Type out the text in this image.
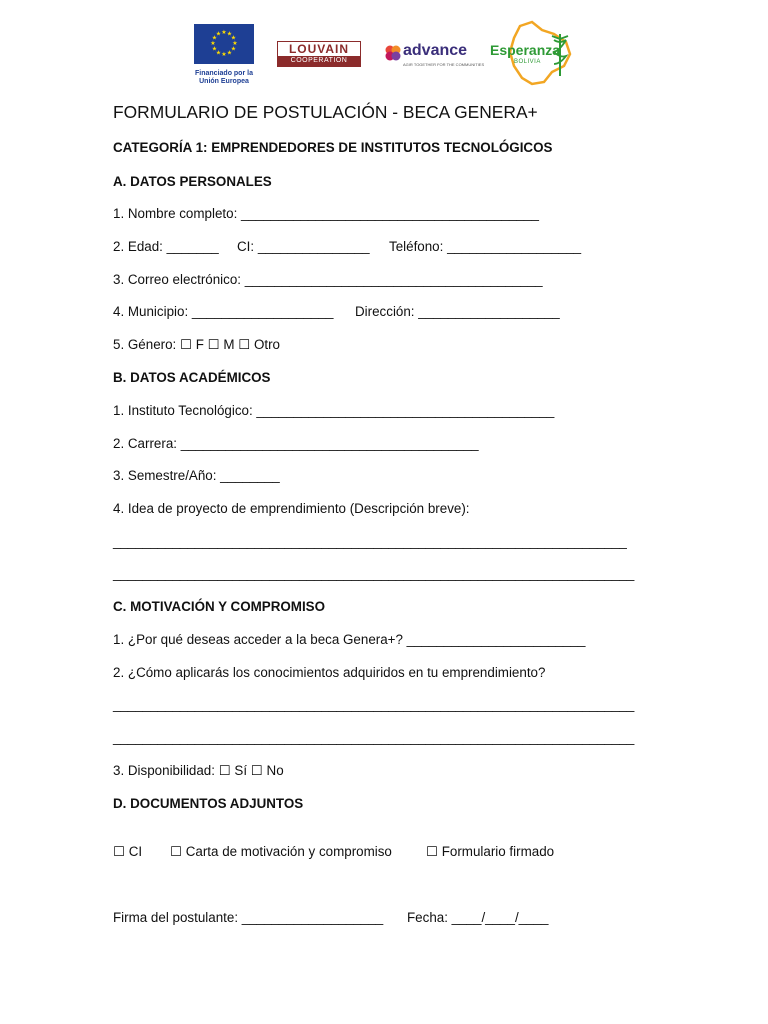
★ ★
★
★
★
★
★
★
★
★
★
★
Financiado por la Unión Europea
LOUVAIN
COOPERATION
advance
AGIR TOGETHER FOR THE COMMUNITIES
Esperanza
BOLIVIA
FORMULARIO DE POSTULACIÓN - BECA GENERA+
CATEGORÍA 1: EMPRENDEDORES DE INSTITUTOS TECNOLÓGICOS
A. DATOS PERSONALES
1. Nombre completo: ________________________________________
2. Edad: _______ CI: _______________ Teléfono: __________________
3. Correo electrónico: ________________________________________
4. Municipio: ___________________ Dirección: ___________________
5. Género: ☐ F ☐ M ☐ Otro
B. DATOS ACADÉMICOS
1. Instituto Tecnológico: ________________________________________
2. Carrera: ________________________________________
3. Semestre/Año: ________
4. Idea de proyecto de emprendimiento (Descripción breve):
_____________________________________________________________________
______________________________________________________________________
C. MOTIVACIÓN Y COMPROMISO
1. ¿Por qué deseas acceder a la beca Genera+? ________________________
2. ¿Cómo aplicarás los conocimientos adquiridos en tu emprendimiento?
______________________________________________________________________
______________________________________________________________________
3. Disponibilidad: ☐ Sí ☐ No
D. DOCUMENTOS ADJUNTOS
☐ CI ☐ Carta de motivación y compromiso	☐ Formulario firmado
Firma del postulante: ___________________ Fecha: ____/____/____
